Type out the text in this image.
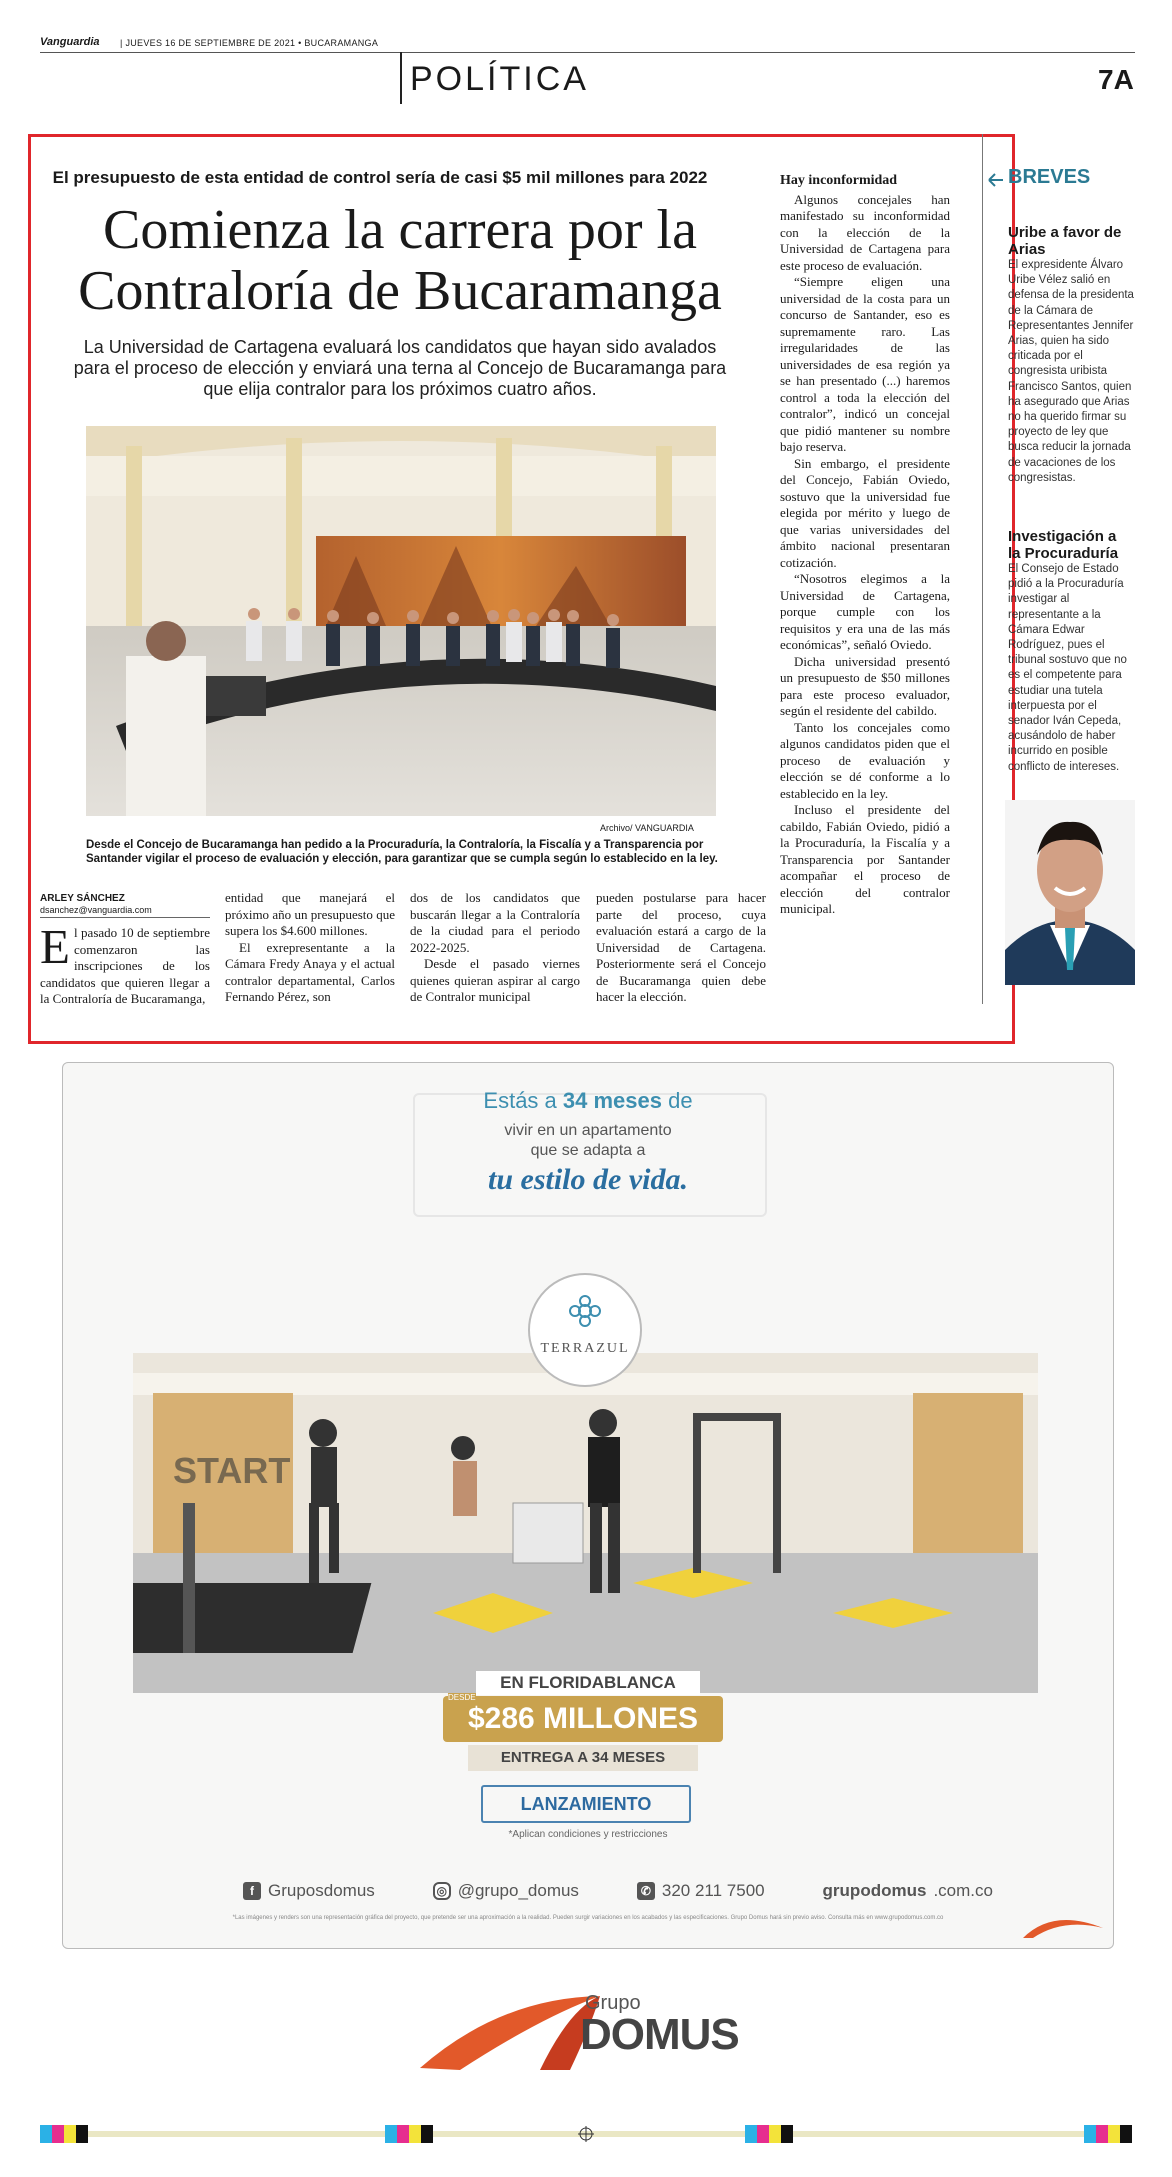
Vanguardia | JUEVES 16 DE SEPTIEMBRE DE 2021 • BUCARAMANGA
POLÍTICA	7A
El presupuesto de esta entidad de control sería de casi $5 mil millones para 2022
Comienza la carrera por la Contraloría de Bucaramanga
La Universidad de Cartagena evaluará los candidatos que hayan sido avalados para el proceso de elección y enviará una terna al Concejo de Bucaramanga para que elija contralor para los próximos cuatro años.
Archivo/ VANGUARDIA
Desde el Concejo de Bucaramanga han pedido a la Procuraduría, la Contraloría, la Fiscalía y a Transparencia por Santander vigilar el proceso de evaluación y elección, para garantizar que se cumpla según lo establecido en la ley.
ARLEY SÁNCHEZ
dsanchez@vanguardia.com
El pasado 10 de septiembre comenzaron las inscripciones de los candidatos que quieren llegar a la Contraloría de Bucaramanga,

entidad que manejará el próximo año un presupuesto que supera los $4.600 millones.

El exrepresentante a la Cámara Fredy Anaya y el actual contralor departamental, Carlos Fernando Pérez, son

dos de los candidatos que buscarán llegar a la Contraloría de la ciudad para el periodo 2022-2025.

Desde el pasado viernes quienes quieran aspirar al cargo de Contralor municipal

pueden postularse para hacer parte del proceso, cuya evaluación estará a cargo de la Universidad de Cartagena. Posteriormente será el Concejo de Bucaramanga quien debe hacer la elección.

Hay inconformidad

Algunos concejales han manifestado su inconformidad con la elección de la Universidad de Cartagena para este proceso de evaluación.

“Siempre eligen una universidad de la costa para un concurso de Santander, eso es supremamente raro. Las irregularidades de las universidades de esa región ya se han presentado (...) haremos control a toda la elección del contralor”, indicó un concejal que pidió mantener su nombre bajo reserva.

Sin embargo, el presidente del Concejo, Fabián Oviedo, sostuvo que la universidad fue elegida por mérito y luego de que varias universidades del ámbito nacional presentaran cotización.

“Nosotros elegimos a la Universidad de Cartagena, porque cumple con los requisitos y era una de las más económicas”, señaló Oviedo.

Dicha universidad presentó un presupuesto de $50 millones para este proceso evaluador, según el residente del cabildo.

Tanto los concejales como algunos candidatos piden que el proceso de evaluación y elección se dé conforme a lo establecido en la ley.

Incluso el presidente del cabildo, Fabián Oviedo, pidió a la Procuraduría, la Fiscalía y a Transparencia por Santander acompañar el proceso de elección del contralor municipal.

BREVES
Uribe a favor de Arias
El expresidente Álvaro Uribe Vélez salió en defensa de la presidenta de la Cámara de Representantes Jennifer Arias, quien ha sido criticada por el congresista uribista Francisco Santos, quien ha asegurado que Arias no ha querido firmar su proyecto de ley que busca reducir la jornada de vacaciones de los congresistas.
Investigación a la Procuraduría
El Consejo de Estado pidió a la Procuraduría investigar al representante a la Cámara Edwar Rodríguez, pues el tribunal sostuvo que no es el competente para estudiar una tutela interpuesta por el senador Iván Cepeda, acusándolo de haber incurrido en posible conflicto de intereses.
Estás a 34 meses de
vivir en un apartamento
que se adapta a
tu estilo de vida.
START
TERRAZUL
EN FLORIDABLANCA
$286 MILLONES
DESDE
ENTREGA A 34 MESES
LANZAMIENTO
*Aplican condiciones y restricciones
f Gruposdomus	◎ @grupo_domus	✆ 320 211 7500	grupodomus .com.co
*Las imágenes y renders son una representación gráfica del proyecto, que pretende ser una aproximación a la realidad. Pueden surgir variaciones en los acabados y las especificaciones. Grupo Domus hará sin previo aviso. Consulta más en www.grupodomus.com.co
Grupo
DOMUS
